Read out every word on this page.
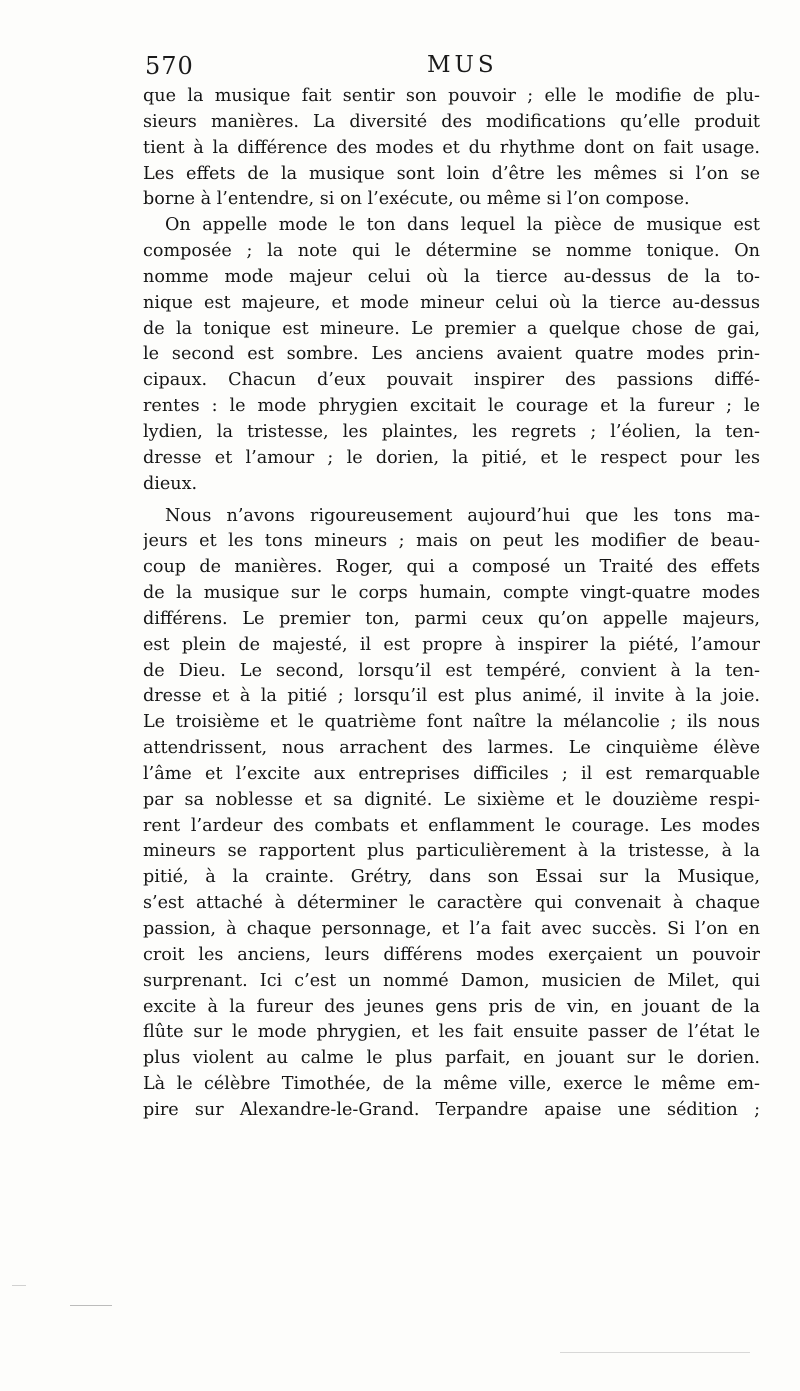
570	MUS
que la musique fait sentir son pouvoir ; elle le modifie de plu-
sieurs manières. La diversité des modifications qu’elle produit
tient à la différence des modes et du rhythme dont on fait usage.
Les effets de la musique sont loin d’être les mêmes si l’on se
borne à l’entendre, si on l’exécute, ou même si l’on compose.
On appelle mode le ton dans lequel la pièce de musique est
composée ; la note qui le détermine se nomme tonique. On
nomme mode majeur celui où la tierce au-dessus de la to-
nique est majeure, et mode mineur celui où la tierce au-dessus
de la tonique est mineure. Le premier a quelque chose de gai,
le second est sombre. Les anciens avaient quatre modes prin-
cipaux. Chacun d’eux pouvait inspirer des passions diffé-
rentes : le mode phrygien excitait le courage et la fureur ; le
lydien, la tristesse, les plaintes, les regrets ; l’éolien, la ten-
dresse et l’amour ; le dorien, la pitié, et le respect pour les
dieux.
Nous n’avons rigoureusement aujourd’hui que les tons ma-
jeurs et les tons mineurs ; mais on peut les modifier de beau-
coup de manières. Roger, qui a composé un Traité des effets
de la musique sur le corps humain, compte vingt-quatre modes
différens. Le premier ton, parmi ceux qu’on appelle majeurs,
est plein de majesté, il est propre à inspirer la piété, l’amour
de Dieu. Le second, lorsqu’il est tempéré, convient à la ten-
dresse et à la pitié ; lorsqu’il est plus animé, il invite à la joie.
Le troisième et le quatrième font naître la mélancolie ; ils nous
attendrissent, nous arrachent des larmes. Le cinquième élève
l’âme et l’excite aux entreprises difficiles ; il est remarquable
par sa noblesse et sa dignité. Le sixième et le douzième respi-
rent l’ardeur des combats et enflamment le courage. Les modes
mineurs se rapportent plus particulièrement à la tristesse, à la
pitié, à la crainte. Grétry, dans son Essai sur la Musique,
s’est attaché à déterminer le caractère qui convenait à chaque
passion, à chaque personnage, et l’a fait avec succès. Si l’on en
croit les anciens, leurs différens modes exerçaient un pouvoir
surprenant. Ici c’est un nommé Damon, musicien de Milet, qui
excite à la fureur des jeunes gens pris de vin, en jouant de la
flûte sur le mode phrygien, et les fait ensuite passer de l’état le
plus violent au calme le plus parfait, en jouant sur le dorien.
Là le célèbre Timothée, de la même ville, exerce le même em-
pire sur Alexandre-le-Grand. Terpandre apaise une sédition ;
